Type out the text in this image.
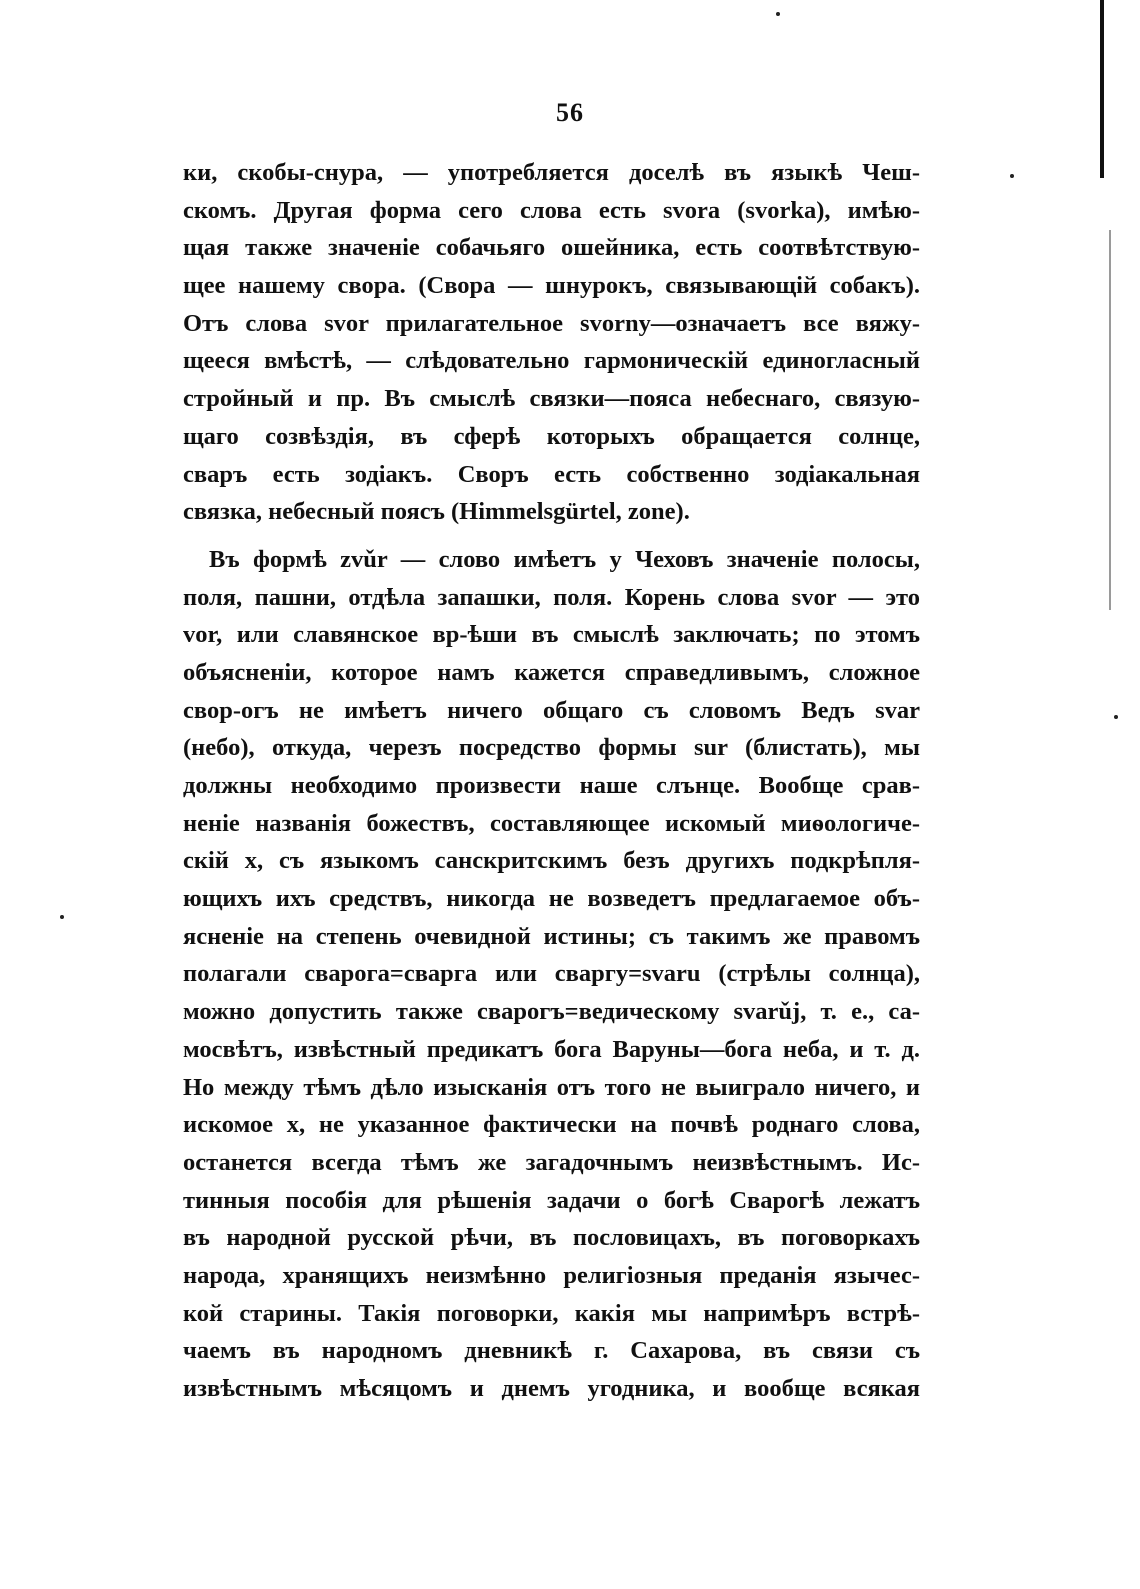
56
ки, скобы-снура, — употребляется доселѣ въ языкѣ Чеш-
скомъ. Другая форма сего слова есть svora (svorka), имѣю-
щая также значеніе собачьяго ошейника, есть соотвѣтствую-
щее нашему свора. (Свора — шнурокъ, связывающій собакъ).
Отъ слова svor прилагательное svorny—означаетъ все вяжу-
щееся вмѣстѣ, — слѣдовательно гармоническій единогласный
стройный и пр. Въ смыслѣ связки—пояса небеснаго, связую-
щаго созвѣздія, въ сферѣ которыхъ обращается солнце,
сваръ есть зодіакъ. Своръ есть собственно зодіакальная
связка, небесный поясъ (Himmelsgürtel, zone).
Въ формѣ zvǔr — слово имѣетъ у Чеховъ значеніе полосы,
поля, пашни, отдѣла запашки, поля. Корень слова svor — это
vor, или славянское вр-ѣши въ смыслѣ заключать; по этомъ
объясненіи, которое намъ кажется справедливымъ, сложное
свор-огъ не имѣетъ ничего общаго съ словомъ Ведъ svar
(небо), откуда, черезъ посредство формы sur (блистать), мы
должны необходимо произвести наше слънце. Вообще срав-
неніе названія божествъ, составляющее искомый миѳологиче-
скій x, съ языкомъ санскритскимъ безъ другихъ подкрѣпля-
ющихъ ихъ средствъ, никогда не возведетъ предлагаемое объ-
ясненіе на степень очевидной истины; съ такимъ же правомъ
полагали сварога=сварга или сваргу=svaru (стрѣлы солнца),
можно допустить также сварогъ=ведическому svarǔj, т. е., са-
мосвѣтъ, извѣстный предикатъ бога Варуны—бога неба, и т. д.
Но между тѣмъ дѣло изысканія отъ того не выиграло ничего, и
искомое x, не указанное фактически на почвѣ роднаго слова,
останется всегда тѣмъ же загадочнымъ неизвѣстнымъ. Ис-
тинныя пособія для рѣшенія задачи о богѣ Сварогѣ лежатъ
въ народной русской рѣчи, въ пословицахъ, въ поговоркахъ
народа, хранящихъ неизмѣнно религіозныя преданія язычес-
кой старины. Такія поговорки, какія мы напримѣръ встрѣ-
чаемъ въ народномъ дневникѣ г. Сахарова, въ связи съ
извѣстнымъ мѣсяцомъ и днемъ угодника, и вообще всякая
